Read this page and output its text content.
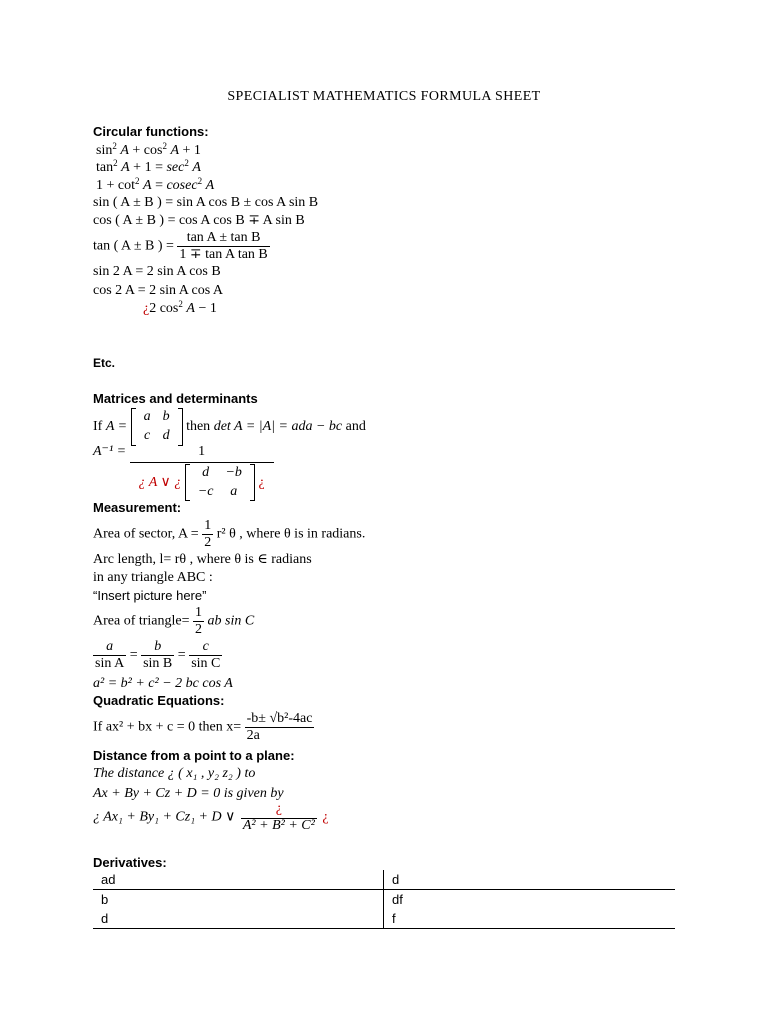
SPECIALIST MATHEMATICS FORMULA SHEET
Circular functions:
$\sin^2 A + \cos^2 A + 1$
$\tan^2 A + 1 = \sec^2 A$
$1 + \cot^2 A = cosec^2$ A
sin ( A ± B ) = sin A cos B ± cos A sin B
cos ( A ± B ) = cos A cos B ∓ A sin B
tan ( A ± B ) = $\frac{\text{tan A ± tan B}}{\text{1 ∓ tan A tan B}}$
sin 2 A = 2 sin A cos B
cos 2 A = 2 sin A cos A
¿2 $\cos^2 A - 1$
Etc.
Matrices and determinants
If A =
a	b
c	d
then det A = |A| = ada − bc and
A⁻¹ = 1
¿ A ∨ ¿
d	−b
−c	a
¿
Measurement:
Area of sector, $A = \frac{1}{2} r^2$ θ , where θ is in radians.
Arc length, l= rθ , where θ is ∈ radians
in any triangle ABC :
“Insert picture here”
Area of triangle= $\frac{1}{2}$ ab sin C
$\frac{a}{\text{sin A}} = \frac{b}{\text{sin B}} = \frac{c}{\text{sin C}}$
a² = b² + c² − 2 bc cos A
Quadratic Equations:
If ax² + bx + c = 0 then $x= \frac{\text{-b± √b²-4ac}}{2a}$
Distance from a point to a plane:
The distance ¿ ( x₁ , y₂ z₂ ) to
Ax + By + Cz + D = 0 is given by
¿ Ax₁ + By₁ + Cz₁ + D ∨
¿
A² + B² + C²
¿
Derivatives:
ad	d
b	df
d	f
